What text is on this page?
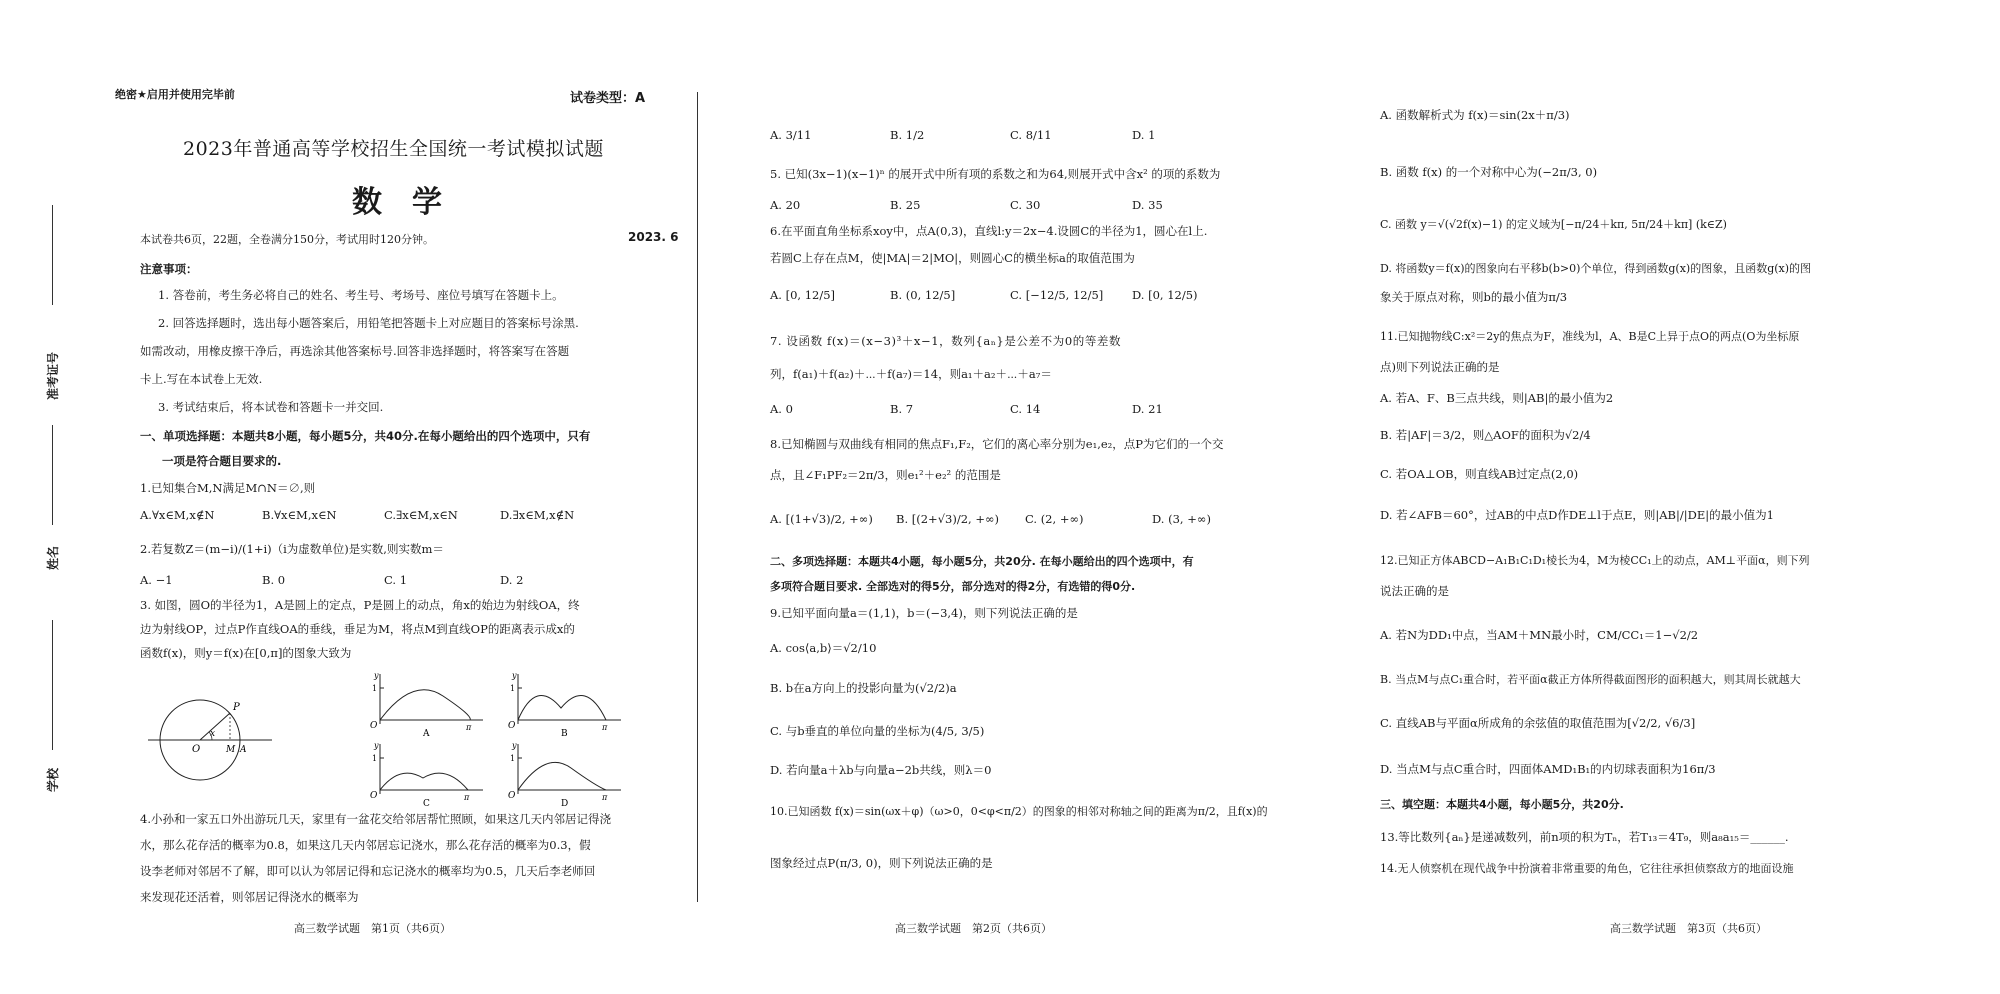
准考证号
姓名
学校
绝密★启用并使用完毕前	试卷类型：A
2023年普通高等学校招生全国统一考试模拟试题
数　学
本试卷共6页，22题，全卷满分150分，考试用时120分钟。	2023. 6
注意事项：
1. 答卷前，考生务必将自己的姓名、考生号、考场号、座位号填写在答题卡上。
2. 回答选择题时，选出每小题答案后，用铅笔把答题卡上对应题目的答案标号涂黑.
如需改动，用橡皮擦干净后，再选涂其他答案标号.回答非选择题时，将答案写在答题
卡上.写在本试卷上无效.
3. 考试结束后，将本试卷和答题卡一并交回.
一、单项选择题：本题共8小题，每小题5分，共40分.在每小题给出的四个选项中，只有
一项是符合题目要求的.
1.已知集合M,N满足M∩N＝∅,则
A.∀x∈M,x∉N	B.∀x∈M,x∈N	C.∃x∈M,x∈N	D.∃x∈M,x∉N
2.若复数Z＝(m−i)/(1+i)（i为虚数单位)是实数,则实数m＝
A. −1	B. 0	C. 1	D. 2
3. 如图，圆O的半径为1，A是圆上的定点，P是圆上的动点，角x的始边为射线OA，终
边为射线OP，过点P作直线OA的垂线，垂足为M，将点M到直线OP的距离表示成x的
函数f(x)，则y＝f(x)在[0,π]的图象大致为
O	M A
P
x
y
1
O	π
A
y
1
O	π
B
y
1
O	π
C
y
1
O	π
D
4.小孙和一家五口外出游玩几天，家里有一盆花交给邻居帮忙照顾，如果这几天内邻居记得浇
水，那么花存活的概率为0.8，如果这几天内邻居忘记浇水，那么花存活的概率为0.3，假
设李老师对邻居不了解，即可以认为邻居记得和忘记浇水的概率均为0.5，几天后李老师回
来发现花还活着，则邻居记得浇水的概率为
高三数学试题　第1页（共6页）
A. 3/11	B. 1/2	C. 8/11	D. 1
5. 已知(3x−1)(x−1)ⁿ 的展开式中所有项的系数之和为64,则展开式中含x² 的项的系数为
A. 20	B. 25	C. 30	D. 35
6.在平面直角坐标系xoy中，点A(0,3)，直线l:y＝2x−4.设圆C的半径为1，圆心在l上.
若圆C上存在点M，使|MA|＝2|MO|，则圆心C的横坐标a的取值范围为
A. [0, 12/5]	B. (0, 12/5]	C. [−12/5, 12/5] D. [0, 12/5)
7. 设函数 f(x)＝(x−3)³＋x−1，数列{aₙ}是公差不为0的等差数
列，f(a₁)＋f(a₂)＋⋯＋f(a₇)＝14，则a₁＋a₂＋⋯＋a₇＝
A. 0	B. 7	C. 14	D. 21
8.已知椭圆与双曲线有相同的焦点F₁,F₂，它们的离心率分别为e₁,e₂，点P为它们的一个交
点，且∠F₁PF₂＝2π/3，则e₁²＋e₂² 的范围是
A. [(1+√3)/2, +∞) B. [(2+√3)/2, +∞) C. (2, +∞)	D. (3, +∞)
二、多项选择题：本题共4小题，每小题5分，共20分. 在每小题给出的四个选项中，有
多项符合题目要求. 全部选对的得5分，部分选对的得2分，有选错的得0分.
9.已知平面向量a＝(1,1)，b＝(−3,4)，则下列说法正确的是
A. cos⟨a,b⟩＝√2/10
B. b在a方向上的投影向量为(√2/2)a
C. 与b垂直的单位向量的坐标为(4/5, 3/5)
D. 若向量a＋λb与向量a−2b共线，则λ＝0
10.已知函数 f(x)＝sin(ωx＋φ)（ω>0，0<φ<π/2）的图象的相邻对称轴之间的距离为π/2，且f(x)的
图象经过点P(π/3, 0)，则下列说法正确的是
高三数学试题　第2页（共6页）
A. 函数解析式为 f(x)＝sin(2x＋π/3)
B. 函数 f(x) 的一个对称中心为(−2π/3, 0)
C. 函数 y＝√(√2f(x)−1) 的定义域为[−π/24＋kπ, 5π/24＋kπ] (k∈Z)
D. 将函数y＝f(x)的图象向右平移b(b>0)个单位，得到函数g(x)的图象，且函数g(x)的图
象关于原点对称，则b的最小值为π/3
11.已知抛物线C:x²＝2y的焦点为F，准线为l，A、B是C上异于点O的两点(O为坐标原
点)则下列说法正确的是
A. 若A、F、B三点共线，则|AB|的最小值为2
B. 若|AF|＝3/2，则△AOF的面积为√2/4
C. 若OA⊥OB，则直线AB过定点(2,0)
D. 若∠AFB＝60°，过AB的中点D作DE⊥l于点E，则|AB|/|DE|的最小值为1
12.已知正方体ABCD−A₁B₁C₁D₁棱长为4，M为棱CC₁上的动点，AM⊥平面α，则下列
说法正确的是
A. 若N为DD₁中点，当AM＋MN最小时，CM/CC₁＝1−√2/2
B. 当点M与点C₁重合时，若平面α截正方体所得截面图形的面积越大，则其周长就越大
C. 直线AB与平面α所成角的余弦值的取值范围为[√2/2, √6/3]
D. 当点M与点C重合时，四面体AMD₁B₁的内切球表面积为16π/3
三、填空题：本题共4小题，每小题5分，共20分.
13.等比数列{aₙ}是递减数列，前n项的积为Tₙ，若T₁₃＝4T₉，则a₈a₁₅＝______.
14.无人侦察机在现代战争中扮演着非常重要的角色，它往往承担侦察敌方的地面设施
高三数学试题　第3页（共6页）
